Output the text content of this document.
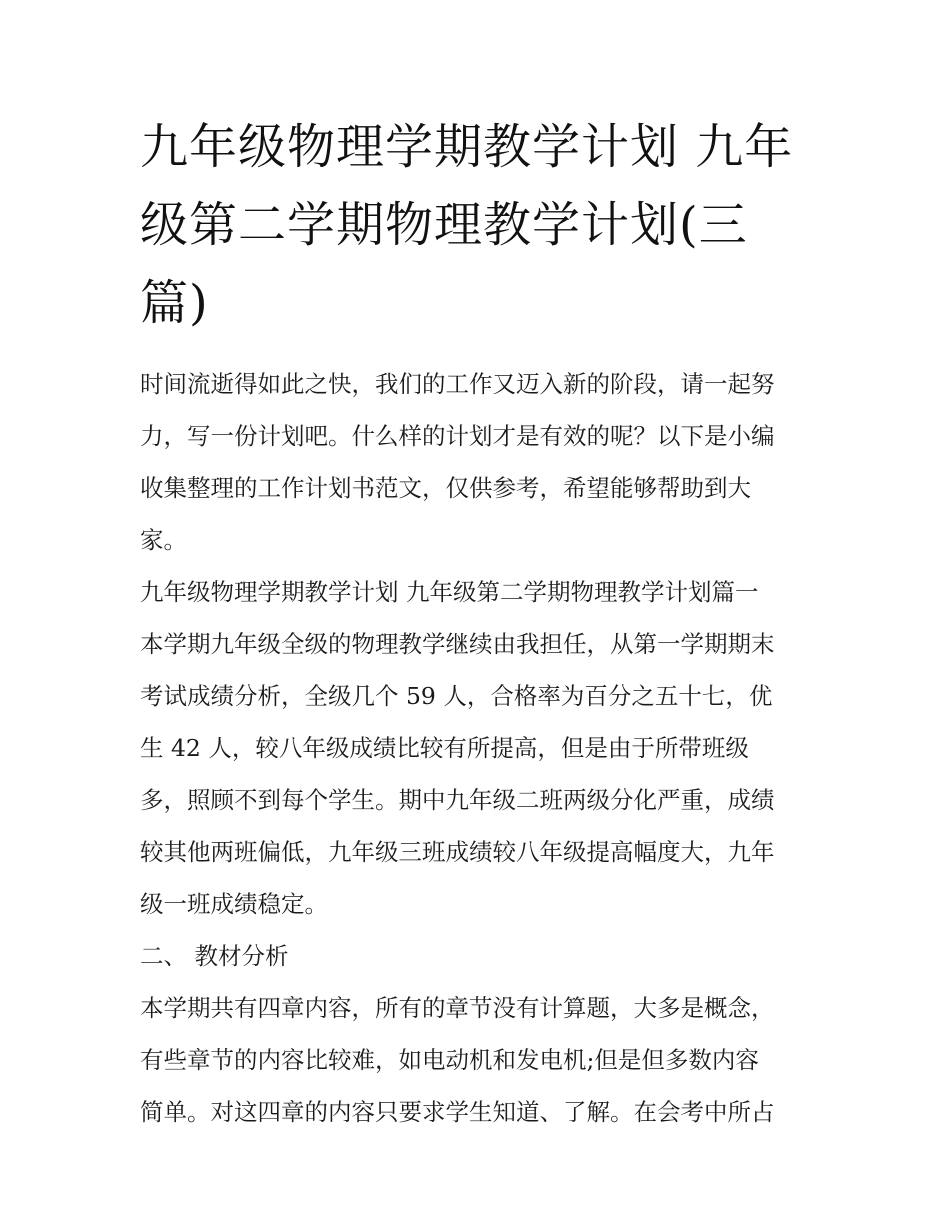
九年级物理学期教学计划 九年
级第二学期物理教学计划(三
篇)
时间流逝得如此之快，我们的工作又迈入新的阶段，请一起努
力，写一份计划吧。什么样的计划才是有效的呢？以下是小编
收集整理的工作计划书范文，仅供参考，希望能够帮助到大
家。
九年级物理学期教学计划 九年级第二学期物理教学计划篇一
本学期九年级全级的物理教学继续由我担任，从第一学期期末
考试成绩分析，全级几个 59 人，合格率为百分之五十七，优
生 42 人，较八年级成绩比较有所提高，但是由于所带班级
多，照顾不到每个学生。期中九年级二班两级分化严重，成绩
较其他两班偏低，九年级三班成绩较八年级提高幅度大，九年
级一班成绩稳定。
二、 教材分析
本学期共有四章内容，所有的章节没有计算题，大多是概念，
有些章节的内容比较难，如电动机和发电机;但是但多数内容
简单。对这四章的内容只要求学生知道、了解。在会考中所占
